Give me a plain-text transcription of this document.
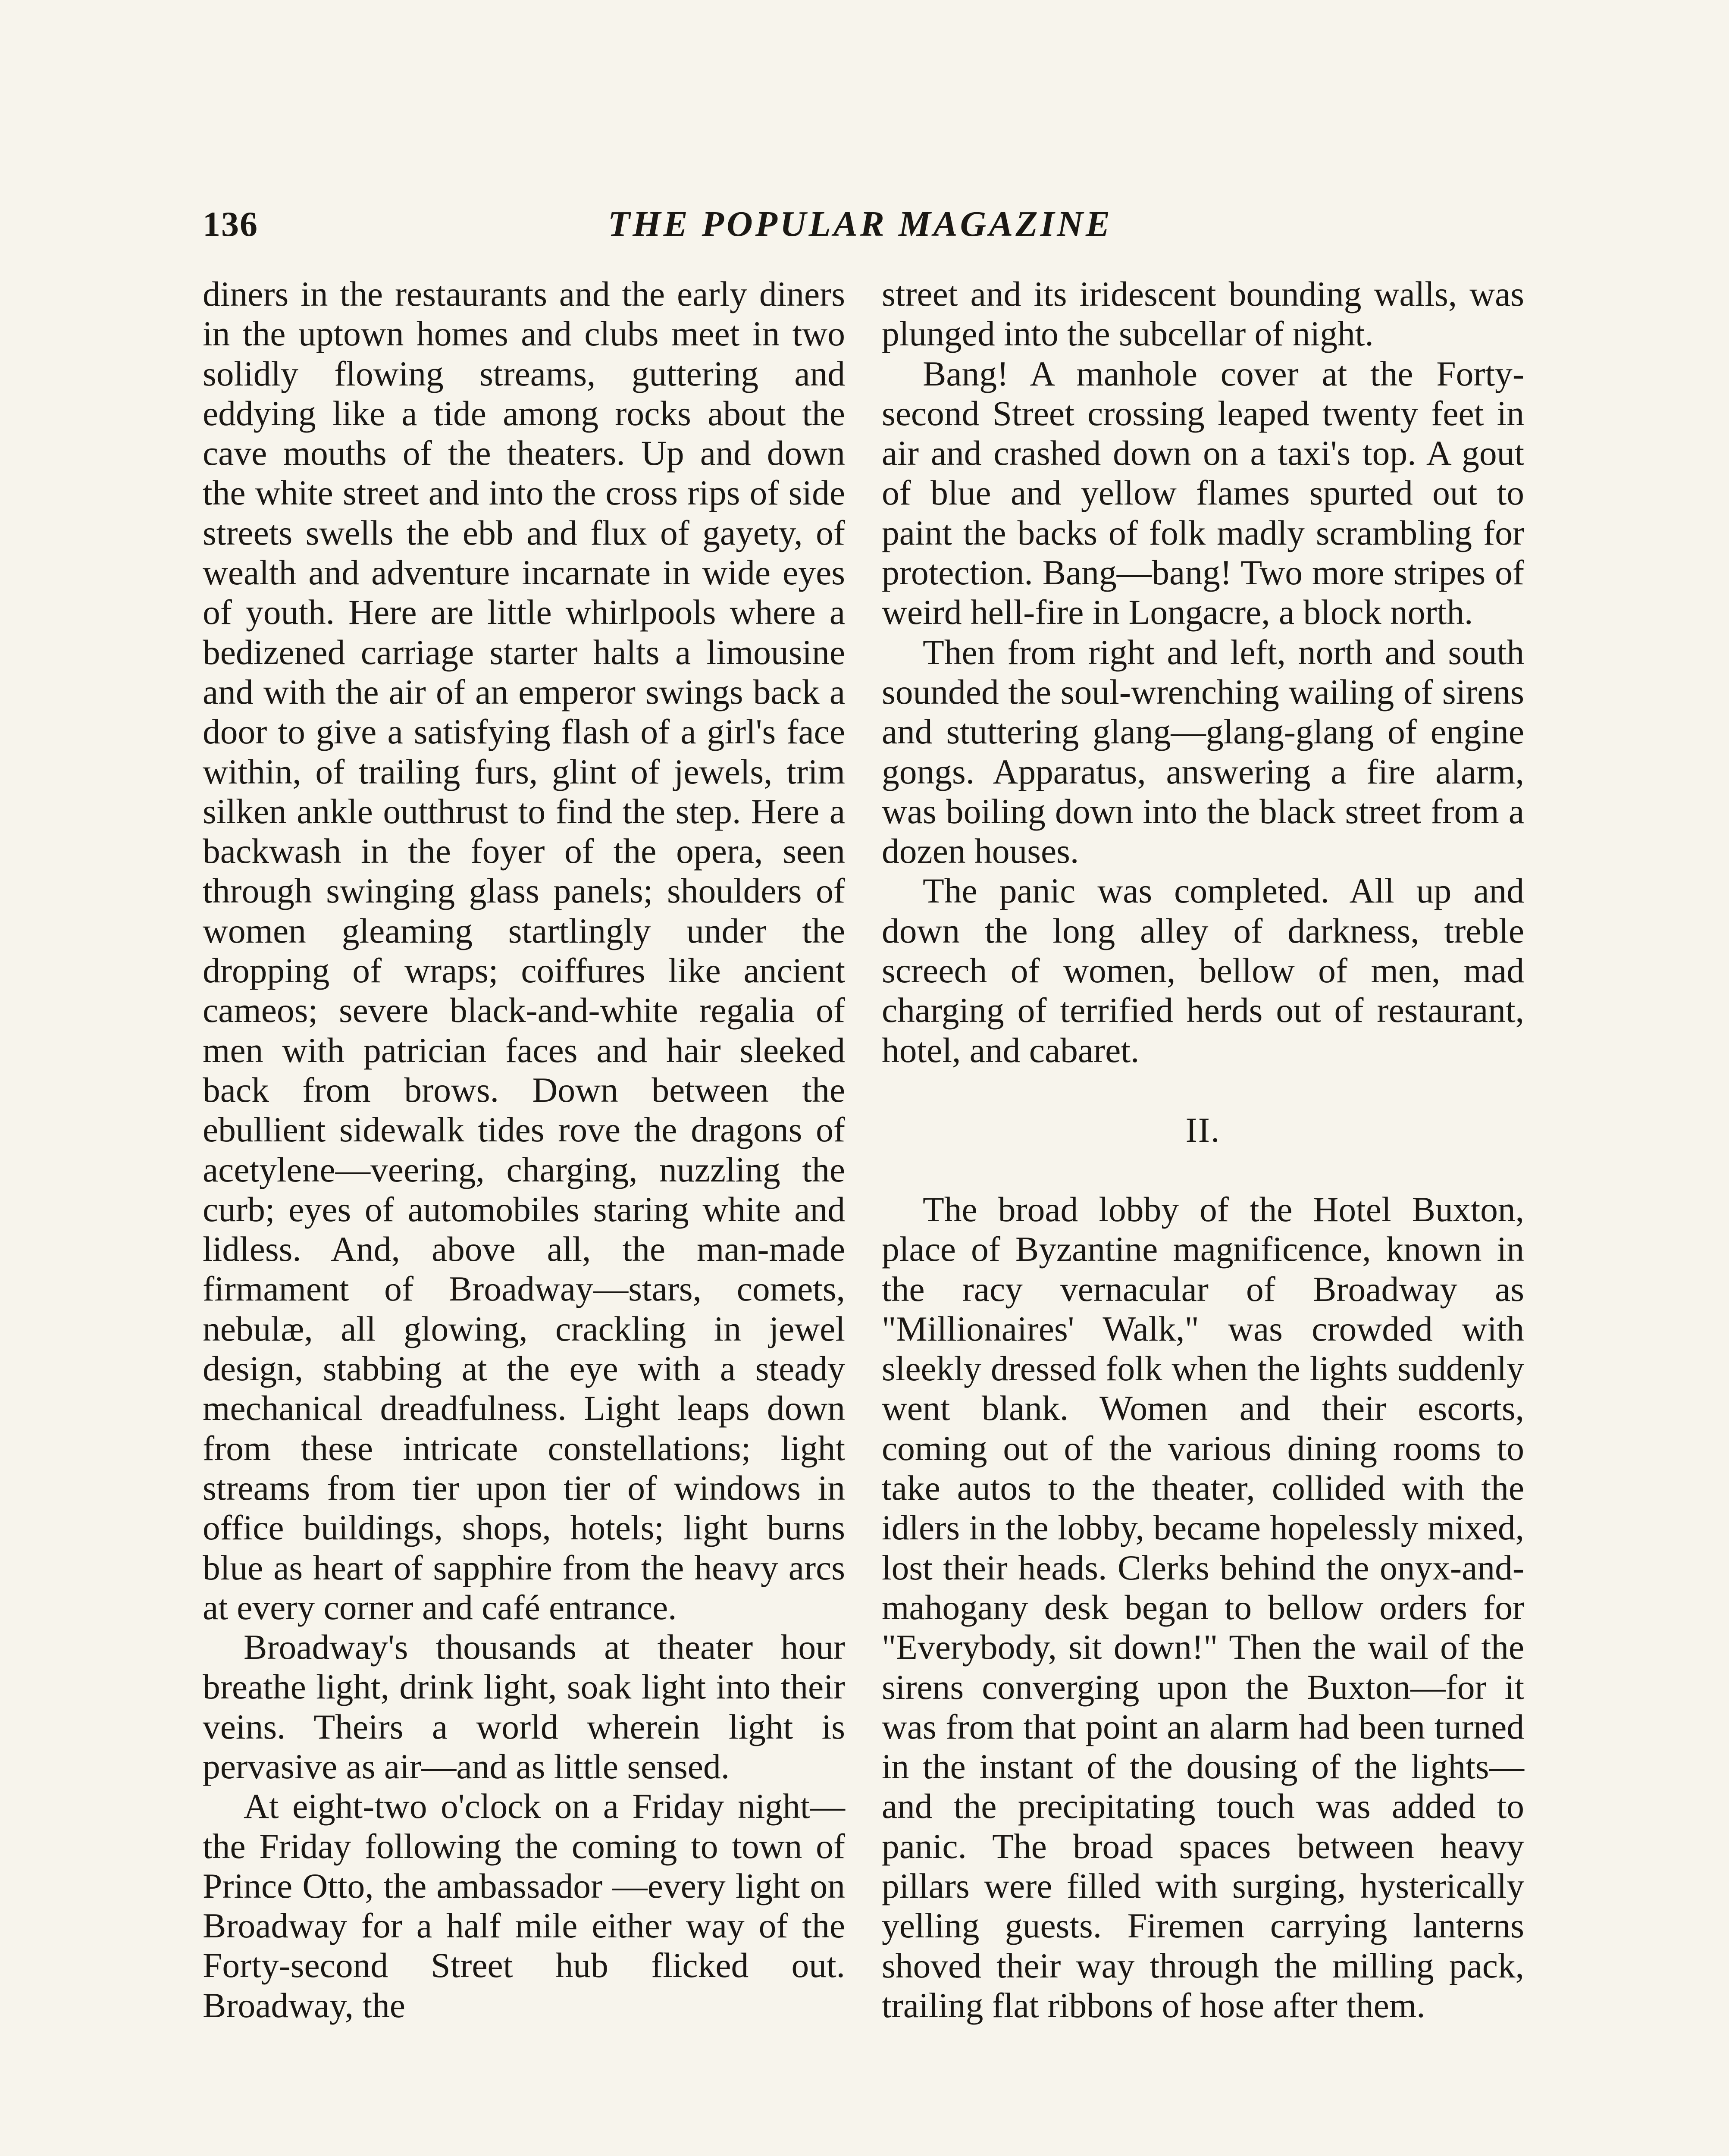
136	THE POPULAR MAGAZINE

diners in the restaurants and the early diners in the uptown homes and clubs meet in two solidly flowing streams, guttering and eddying like a tide among rocks about the cave mouths of the theaters. Up and down the white street and into the cross rips of side streets swells the ebb and flux of gayety, of wealth and adventure incarnate in wide eyes of youth. Here are little whirlpools where a bedizened carriage starter halts a limousine and with the air of an emperor swings back a door to give a satisfying flash of a girl's face within, of trailing furs, glint of jewels, trim silken ankle outthrust to find the step. Here a backwash in the foyer of the opera, seen through swinging glass panels; shoulders of women gleaming startlingly under the dropping of wraps; coiffures like ancient cameos; severe black-and-white regalia of men with patrician faces and hair sleeked back from brows. Down between the ebullient sidewalk tides rove the dragons of acetylene—veering, charging, nuzzling the curb; eyes of automobiles staring white and lidless. And, above all, the man-made firmament of Broadway—stars, comets, nebulæ, all glowing, crackling in jewel design, stabbing at the eye with a steady mechanical dreadfulness. Light leaps down from these intricate constellations; light streams from tier upon tier of windows in office buildings, shops, hotels; light burns blue as heart of sapphire from the heavy arcs at every corner and café entrance.

Broadway's thousands at theater hour breathe light, drink light, soak light into their veins. Theirs a world wherein light is pervasive as air—and as little sensed.

At eight-two o'clock on a Friday night—the Friday following the coming to town of Prince Otto, the ambassador —every light on Broadway for a half mile either way of the Forty-second Street hub flicked out. Broadway, the

street and its iridescent bounding walls, was plunged into the subcellar of night.

Bang! A manhole cover at the Forty-second Street crossing leaped twenty feet in air and crashed down on a taxi's top. A gout of blue and yellow flames spurted out to paint the backs of folk madly scrambling for protection. Bang—bang! Two more stripes of weird hell-fire in Longacre, a block north.

Then from right and left, north and south sounded the soul-wrenching wailing of sirens and stuttering glang—glang-glang of engine gongs. Apparatus, answering a fire alarm, was boiling down into the black street from a dozen houses.

The panic was completed. All up and down the long alley of darkness, treble screech of women, bellow of men, mad charging of terrified herds out of restaurant, hotel, and cabaret.

II.

The broad lobby of the Hotel Buxton, place of Byzantine magnificence, known in the racy vernacular of Broadway as "Millionaires' Walk," was crowded with sleekly dressed folk when the lights suddenly went blank. Women and their escorts, coming out of the various dining rooms to take autos to the theater, collided with the idlers in the lobby, became hopelessly mixed, lost their heads. Clerks behind the onyx-and-mahogany desk began to bellow orders for "Everybody, sit down!" Then the wail of the sirens converging upon the Buxton—for it was from that point an alarm had been turned in the instant of the dousing of the lights—and the precipitating touch was added to panic. The broad spaces between heavy pillars were filled with surging, hysterically yelling guests. Firemen carrying lanterns shoved their way through the milling pack, trailing flat ribbons of hose after them.
